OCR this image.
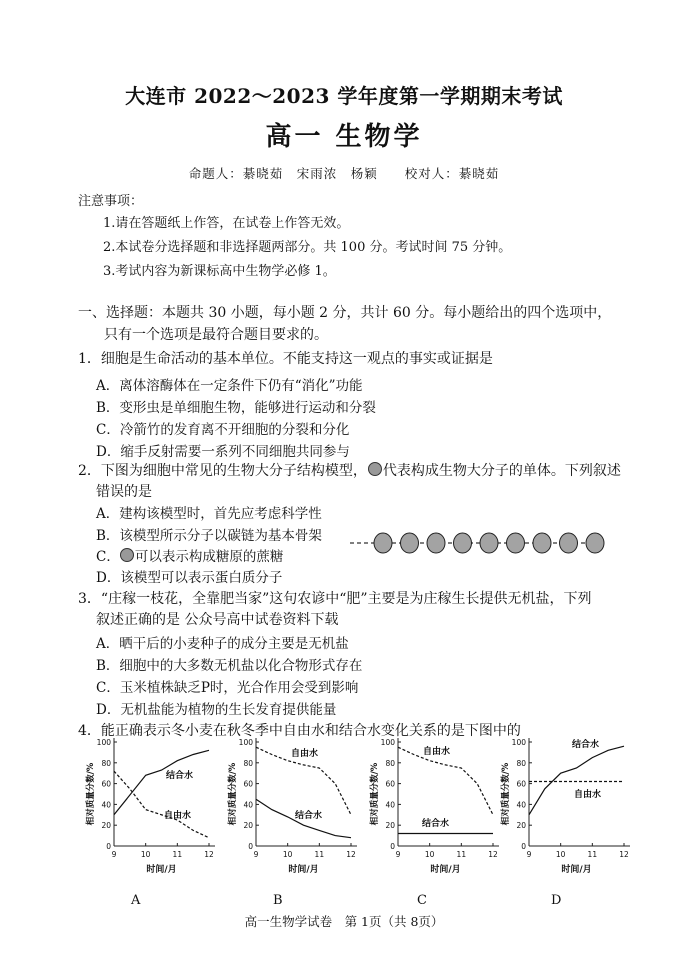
大连市 2022～2023 学年度第一学期期末考试
高一 生物学
命题人：綦晓茹　宋雨浓　杨颖　　校对人：綦晓茹
注意事项：
1.请在答题纸上作答，在试卷上作答无效。
2.本试卷分选择题和非选择题两部分。共 100 分。考试时间 75 分钟。
3.考试内容为新课标高中生物学必修 1。
一、选择题：本题共 30 小题，每小题 2 分，共计 60 分。每小题给出的四个选项中，
只有一个选项是最符合题目要求的。
1．细胞是生命活动的基本单位。不能支持这一观点的事实或证据是
A．离体溶酶体在一定条件下仍有“消化”功能
B．变形虫是单细胞生物，能够进行运动和分裂
C．冷箭竹的发育离不开细胞的分裂和分化
D．缩手反射需要一系列不同细胞共同参与
2．下图为细胞中常见的生物大分子结构模型， 代表构成生物大分子的单体。下列叙述
错误的是
A．建构该模型时，首先应考虑科学性
B．该模型所示分子以碳链为基本骨架
C． 可以表示构成糖原的蔗糖
D．该模型可以表示蛋白质分子
3．“庄稼一枝花，全靠肥当家”这句农谚中“肥”主要是为庄稼生长提供无机盐，下列
叙述正确的是 公众号高中试卷资料下载
A．晒干后的小麦种子的成分主要是无机盐
B．细胞中的大多数无机盐以化合物形式存在
C．玉米植株缺乏P时，光合作用会受到影响
D．无机盐能为植物的生长发育提供能量
4．能正确表示冬小麦在秋冬季中自由水和结合水变化关系的是下图中的
0
20
40
60
80
100
9	10	11	12
时间/月
相对质量分数/%	结合水
自由水
0
20
40
60
80
100
9	10	11	12
时间/月
相对质量分数/%
自由水
结合水
0
20
40
60
80
100
9	10	11	12
时间/月
相对质量分数/%
自由水
结合水
0
20
40
60
80
100
9	10	11	12
时间/月
相对质量分数/%
结合水
自由水
A	B	C	D
高一生物学试卷　第 1页（共 8页）
